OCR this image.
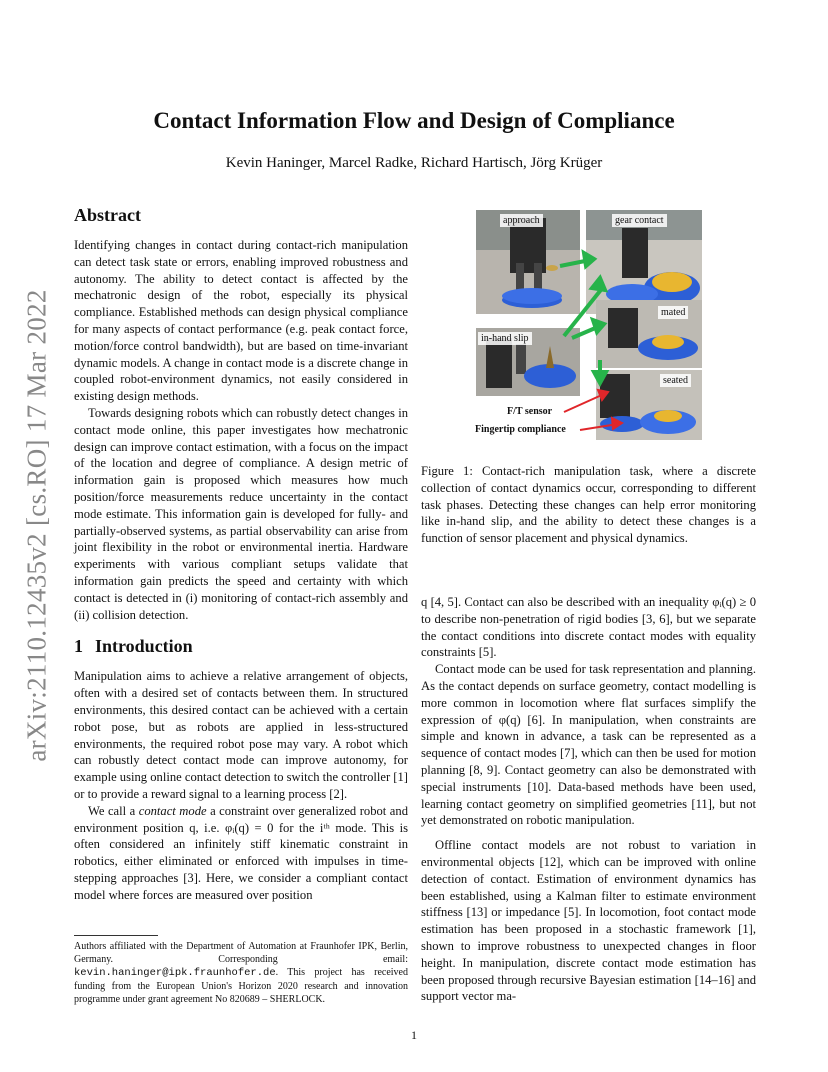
arXiv:2110.12435v2 [cs.RO] 17 Mar 2022
Contact Information Flow and Design of Compliance
Kevin Haninger, Marcel Radke, Richard Hartisch, Jörg Krüger
Abstract

Identifying changes in contact during contact-rich manipulation can detect task state or errors, enabling improved robustness and autonomy. The ability to detect contact is affected by the mechatronic design of the robot, especially its physical compliance. Established methods can design physical compliance for many aspects of contact performance (e.g. peak contact force, motion/force control bandwidth), but are based on time-invariant dynamic models. A change in contact mode is a discrete change in coupled robot-environment dynamics, not easily considered in existing design methods.

Towards designing robots which can robustly detect changes in contact mode online, this paper investigates how mechatronic design can improve contact estimation, with a focus on the impact of the location and degree of compliance. A design metric of information gain is proposed which measures how much position/force measurements reduce uncertainty in the contact mode estimate. This information gain is developed for fully- and partially-observed systems, as partial observability can arise from joint flexibility in the robot or environmental inertia. Hardware experiments with various compliant setups validate that information gain predicts the speed and certainty with which contact is detected in (i) monitoring of contact-rich assembly and (ii) collision detection.

1 Introduction

Manipulation aims to achieve a relative arrangement of objects, often with a desired set of contacts between them. In structured environments, this desired contact can be achieved with a certain robot pose, but as robots are applied in less-structured environments, the required robot pose may vary. A robot which can robustly detect contact mode can improve autonomy, for example using online contact detection to switch the controller [1] or to provide a reward signal to a learning process [2].

We call a contact mode a constraint over generalized robot and environment position q, i.e. φᵢ(q) = 0 for the iᵗʰ mode. This is often considered an infinitely stiff kinematic constraint in robotics, either eliminated or enforced with impulses in time-stepping approaches [3]. Here, we consider a compliant contact model where forces are measured over position

Authors affiliated with the Department of Automation at Fraunhofer IPK, Berlin, Germany. Corresponding email: kevin.haninger@ipk.fraunhofer.de. This project has received funding from the European Union's Horizon 2020 research and innovation programme under grant agreement No 820689 – SHERLOCK.
approach	gear contact
mated
in-hand slip
seated
F/T sensor
Fingertip compliance
Figure 1: Contact-rich manipulation task, where a discrete collection of contact dynamics occur, corresponding to different task phases. Detecting these changes can help error monitoring like in-hand slip, and the ability to detect these changes is a function of sensor placement and physical dynamics.

q [4, 5]. Contact can also be described with an inequality φᵢ(q) ≥ 0 to describe non-penetration of rigid bodies [3, 6], but we separate the contact conditions into discrete contact modes with equality constraints [5].

Contact mode can be used for task representation and planning. As the contact depends on surface geometry, contact modelling is more common in locomotion where flat surfaces simplify the expression of φ(q) [6]. In manipulation, when constraints are simple and known in advance, a task can be represented as a sequence of contact modes [7], which can then be used for motion planning [8, 9]. Contact geometry can also be demonstrated with special instruments [10]. Data-based methods have been used, learning contact geometry on simplified geometries [11], but not yet demonstrated on robotic manipulation.

Offline contact models are not robust to variation in environmental objects [12], which can be improved with online detection of contact. Estimation of environment dynamics has been established, using a Kalman filter to estimate environment stiffness [13] or impedance [5]. In locomotion, foot contact mode estimation has been proposed in a stochastic framework [1], shown to improve robustness to unexpected changes in floor height. In manipulation, discrete contact mode estimation has been proposed through recursive Bayesian estimation [14–16] and support vector ma-

1
